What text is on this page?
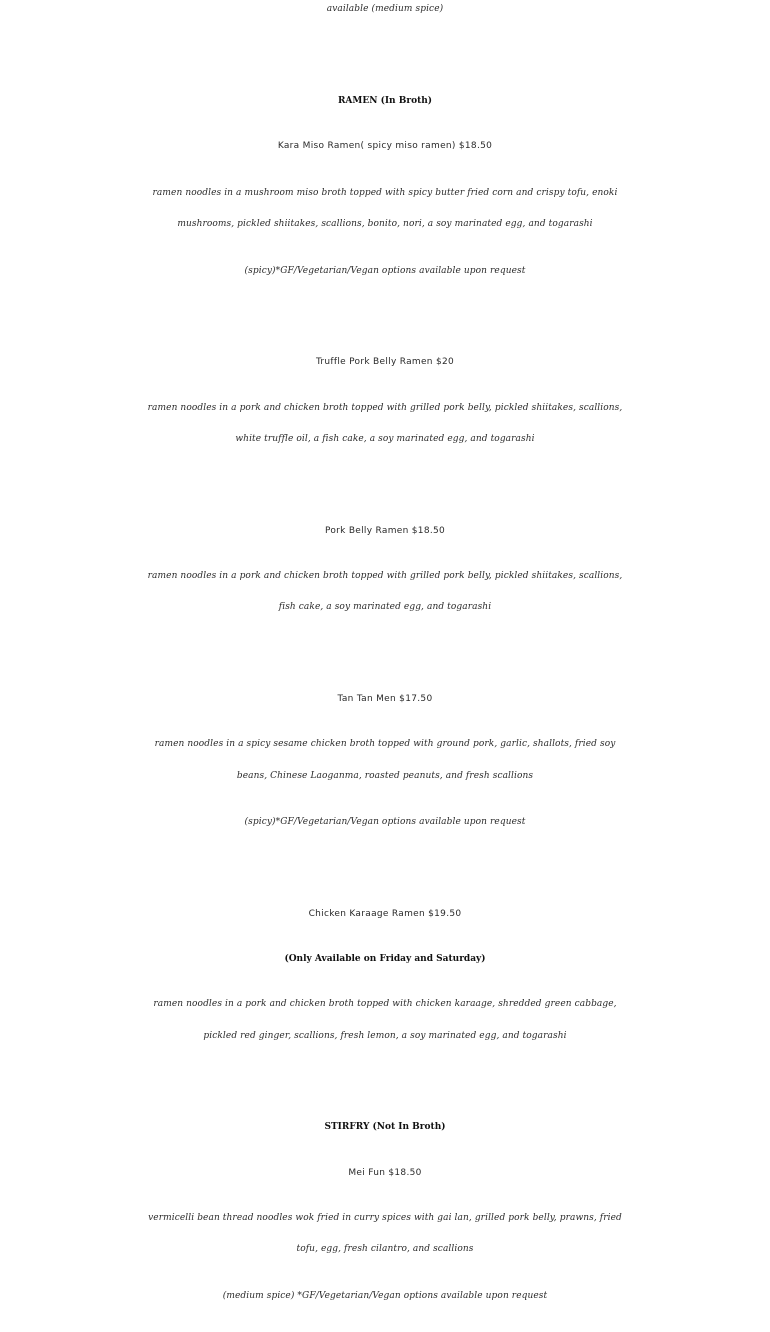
available (medium spice)
RAMEN (In Broth)
Kara Miso Ramen( spicy miso ramen) $18.50
ramen noodles in a mushroom miso broth topped with spicy butter fried corn and crispy tofu, enoki
mushrooms, pickled shiitakes, scallions, bonito, nori, a soy marinated egg, and togarashi
(spicy)*GF/Vegetarian/Vegan options available upon request
Truffle Pork Belly Ramen $20
ramen noodles in a pork and chicken broth topped with grilled pork belly, pickled shiitakes, scallions,
white truffle oil, a fish cake, a soy marinated egg, and togarashi
Pork Belly Ramen $18.50
ramen noodles in a pork and chicken broth topped with grilled pork belly, pickled shiitakes, scallions,
fish cake, a soy marinated egg, and togarashi
Tan Tan Men $17.50
ramen noodles in a spicy sesame chicken broth topped with ground pork, garlic, shallots, fried soy
beans, Chinese Laoganma, roasted peanuts, and fresh scallions
(spicy)*GF/Vegetarian/Vegan options available upon request
Chicken Karaage Ramen $19.50
(Only Available on Friday and Saturday)
ramen noodles in a pork and chicken broth topped with chicken karaage, shredded green cabbage,
pickled red ginger, scallions, fresh lemon, a soy marinated egg, and togarashi
STIRFRY (Not In Broth)
Mei Fun $18.50
vermicelli bean thread noodles wok fried in curry spices with gai lan, grilled pork belly, prawns, fried
tofu, egg, fresh cilantro, and scallions
(medium spice) *GF/Vegetarian/Vegan options available upon request
